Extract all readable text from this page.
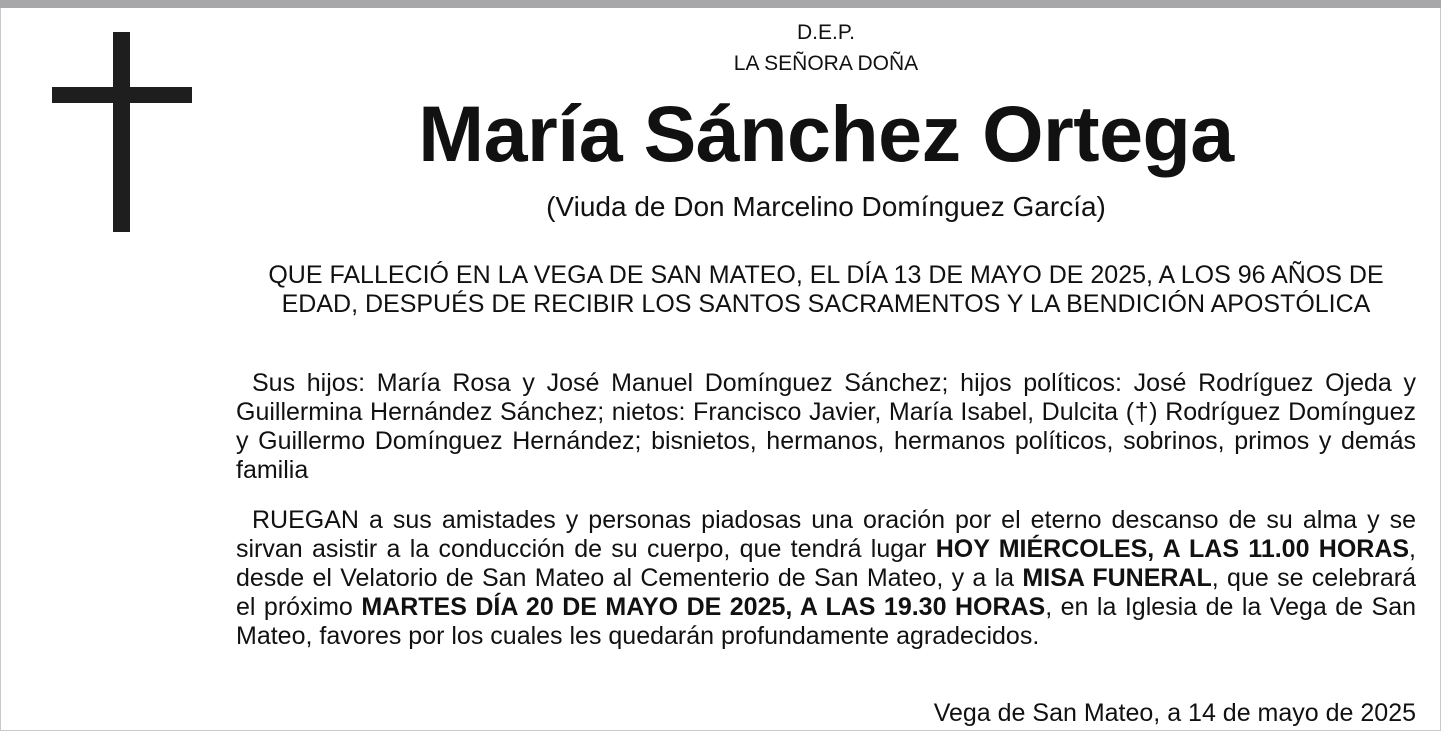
D.E.P.
LA SEÑORA DOÑA
María Sánchez Ortega
(Viuda de Don Marcelino Domínguez García)
QUE FALLECIÓ EN LA VEGA DE SAN MATEO, EL DÍA 13 DE MAYO DE 2025, A LOS 96 AÑOS DE EDAD, DESPUÉS DE RECIBIR LOS SANTOS SACRAMENTOS Y LA BENDICIÓN APOSTÓLICA
Sus hijos: María Rosa y José Manuel Domínguez Sánchez; hijos políticos: José Rodríguez Ojeda y Guillermina Hernández Sánchez; nietos: Francisco Javier, María Isabel, Dulcita (†) Rodríguez Domínguez y Guillermo Domínguez Hernández; bisnietos, hermanos, hermanos políticos, sobrinos, primos y demás familia
RUEGAN a sus amistades y personas piadosas una oración por el eterno descanso de su alma y se sirvan asistir a la conducción de su cuerpo, que tendrá lugar HOY MIÉRCOLES, A LAS 11.00 HORAS, desde el Velatorio de San Mateo al Cementerio de San Mateo, y a la MISA FUNERAL, que se celebrará el próximo MARTES DÍA 20 DE MAYO DE 2025, A LAS 19.30 HORAS, en la Iglesia de la Vega de San Mateo, favores por los cuales les quedarán profundamente agradecidos.
Vega de San Mateo, a 14 de mayo de 2025
